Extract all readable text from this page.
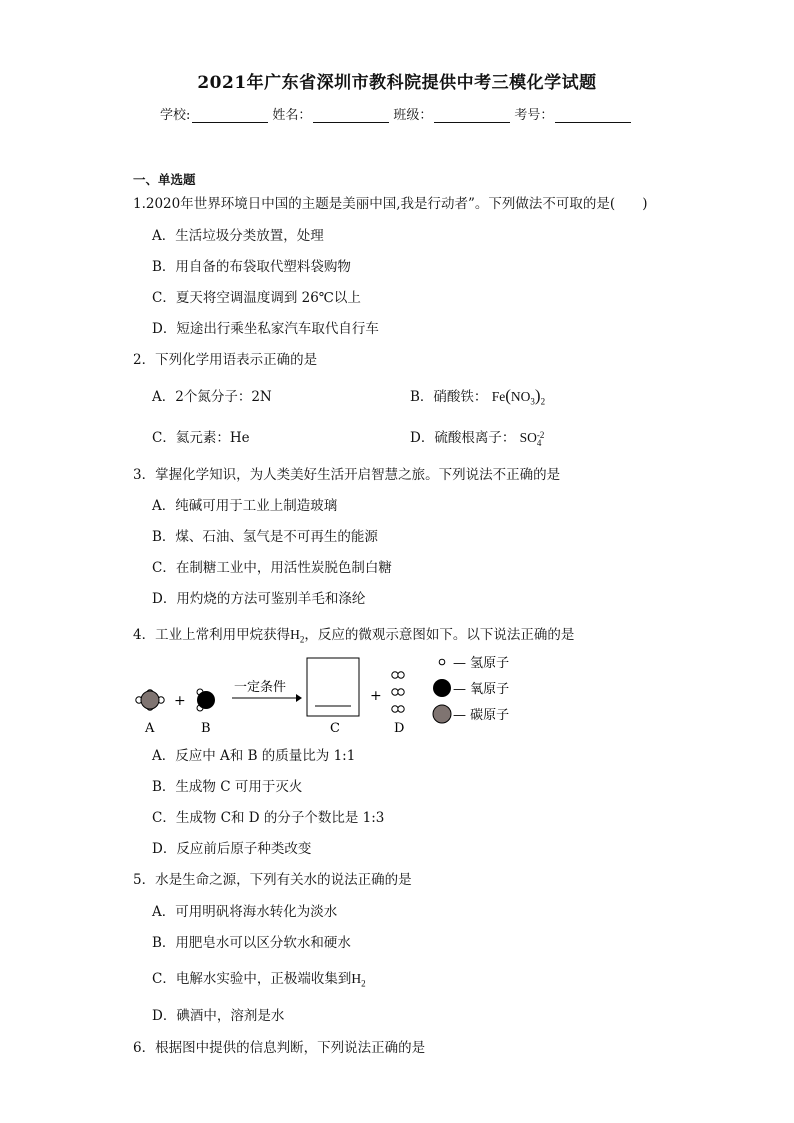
2021年广东省深圳市教科院提供中考三模化学试题
学校:	姓名：	班级：	考号：
一、单选题
1.2020年世界环境日中国的主题是美丽中国,我是行动者”。下列做法不可取的是(　　)
A．生活垃圾分类放置，处理
B．用自备的布袋取代塑料袋购物
C．夏天将空调温度调到 26℃以上
D．短途出行乘坐私家汽车取代自行车
2．下列化学用语表示正确的是
A．2个氮分子：2N	B．硝酸铁： $Fe(NO_3)_2$
C．氦元素：He	D．硫酸根离子： SO -2
4
3．掌握化学知识，为人类美好生活开启智慧之旅。下列说法不正确的是
A．纯碱可用于工业上制造玻璃
B．煤、石油、氢气是不可再生的能源
C．在制糖工业中，用活性炭脱色制白糖
D．用灼烧的方法可鉴别羊毛和涤纶
4．工业上常利用甲烷获得$H_2$，反应的微观示意图如下。以下说法正确的是
+
一定条件
+
A	B	C	D
— 氢原子
— 氧原子
— 碳原子
A．反应中 A和 B 的质量比为 1:1
B．生成物 C 可用于灭火
C．生成物 C和 D 的分子个数比是 1:3
D．反应前后原子种类改变
5．水是生命之源，下列有关水的说法正确的是
A．可用明矾将海水转化为淡水
B．用肥皂水可以区分软水和硬水
C．电解水实验中，正极端收集到$H_2$
D．碘酒中，溶剂是水
6．根据图中提供的信息判断，下列说法正确的是
